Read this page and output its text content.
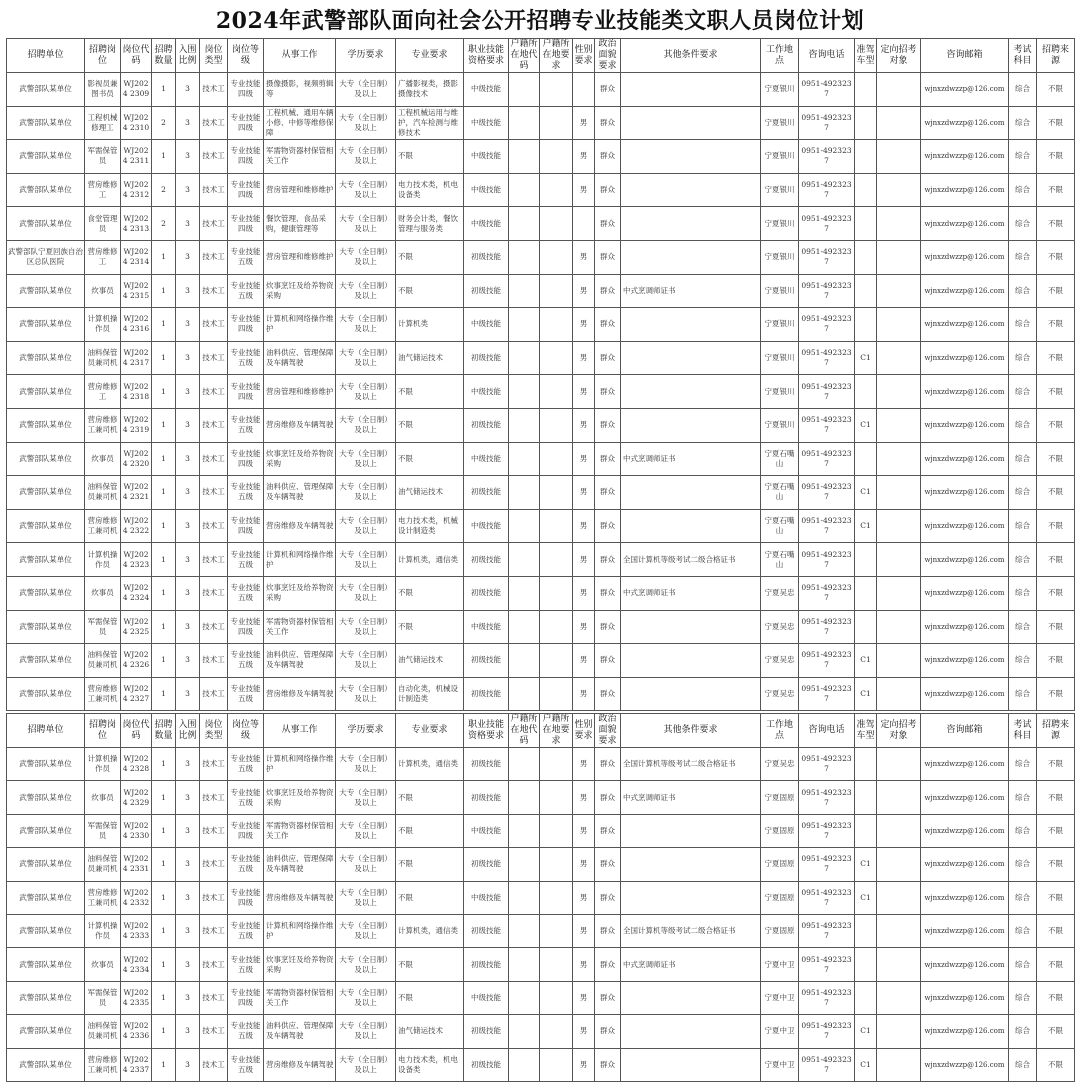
2024年武警部队面向社会公开招聘专业技能类文职人员岗位计划
招聘单位	招聘岗位	岗位代码	招聘数量	入围比例	岗位类型	岗位等级	从事工作	学历要求	专业要求	职业技能资格要求	户籍所在地代码	户籍所在地要求	性别要求	政治面貌要求	其他条件要求	工作地点	咨询电话	准驾车型	定向招考对象	咨询邮箱	考试科目	招聘来源
武警部队某单位	影视员兼图书员	WJ2024 2309	1	3	技术工	专业技能四级	摄像摄影，视频剪辑等	大专（全日制）及以上	广播影视类，摄影摄像技术	中级技能				群众		宁夏银川	0951-4923237			wjnxzdwzzp@126.com	综合	不限
武警部队某单位	工程机械修理工	WJ2024 2310	2	3	技术工	专业技能四级	工程机械、通用车辆小修、中修等维修保障	大专（全日制）及以上	工程机械运用与维护，汽车检测与维修技术	中级技能			男	群众		宁夏银川	0951-4923237			wjnxzdwzzp@126.com	综合	不限
武警部队某单位	军需保管员	WJ2024 2311	1	3	技术工	专业技能四级	军需物资器材保管相关工作	大专（全日制）及以上	不限	中级技能			男	群众		宁夏银川	0951-4923237			wjnxzdwzzp@126.com	综合	不限
武警部队某单位	营房维修工	WJ2024 2312	2	3	技术工	专业技能四级	营房管理和维修维护	大专（全日制）及以上	电力技术类，机电设备类	中级技能			男	群众		宁夏银川	0951-4923237			wjnxzdwzzp@126.com	综合	不限
武警部队某单位	食堂管理员	WJ2024 2313	2	3	技术工	专业技能四级	餐饮管理、食品采购，健康管理等	大专（全日制）及以上	财务会计类，餐饮管理与服务类	中级技能				群众		宁夏银川	0951-4923237			wjnxzdwzzp@126.com	综合	不限
武警部队宁夏回族自治区总队医院	营房维修工	WJ2024 2314	1	3	技术工	专业技能五级	营房管理和维修维护	大专（全日制）及以上	不限	初级技能			男	群众		宁夏银川	0951-4923237			wjnxzdwzzp@126.com	综合	不限
武警部队某单位	炊事员	WJ2024 2315	1	3	技术工	专业技能五级	炊事烹饪及给养物资采购	大专（全日制）及以上	不限	初级技能			男	群众	中式烹调师证书	宁夏银川	0951-4923237			wjnxzdwzzp@126.com	综合	不限
武警部队某单位	计算机操作员	WJ2024 2316	1	3	技术工	专业技能四级	计算机和网络操作维护	大专（全日制）及以上	计算机类	中级技能			男	群众		宁夏银川	0951-4923237			wjnxzdwzzp@126.com	综合	不限
武警部队某单位	油料保管员兼司机	WJ2024 2317	1	3	技术工	专业技能五级	油料供应、管理保障及车辆驾驶	大专（全日制）及以上	油气储运技术	初级技能			男	群众		宁夏银川	0951-4923237	C1		wjnxzdwzzp@126.com	综合	不限
武警部队某单位	营房维修工	WJ2024 2318	1	3	技术工	专业技能四级	营房管理和维修维护	大专（全日制）及以上	不限	中级技能			男	群众		宁夏银川	0951-4923237			wjnxzdwzzp@126.com	综合	不限
武警部队某单位	营房维修工兼司机	WJ2024 2319	1	3	技术工	专业技能五级	营房维修及车辆驾驶	大专（全日制）及以上	不限	初级技能			男	群众		宁夏银川	0951-4923237	C1		wjnxzdwzzp@126.com	综合	不限
武警部队某单位	炊事员	WJ2024 2320	1	3	技术工	专业技能四级	炊事烹饪及给养物资采购	大专（全日制）及以上	不限	中级技能			男	群众	中式烹调师证书	宁夏石嘴山	0951-4923237			wjnxzdwzzp@126.com	综合	不限
武警部队某单位	油料保管员兼司机	WJ2024 2321	1	3	技术工	专业技能五级	油料供应、管理保障及车辆驾驶	大专（全日制）及以上	油气储运技术	初级技能			男	群众		宁夏石嘴山	0951-4923237	C1		wjnxzdwzzp@126.com	综合	不限
武警部队某单位	营房维修工兼司机	WJ2024 2322	1	3	技术工	专业技能四级	营房维修及车辆驾驶	大专（全日制）及以上	电力技术类，机械设计制造类	中级技能			男	群众		宁夏石嘴山	0951-4923237	C1		wjnxzdwzzp@126.com	综合	不限
武警部队某单位	计算机操作员	WJ2024 2323	1	3	技术工	专业技能五级	计算机和网络操作维护	大专（全日制）及以上	计算机类，通信类	初级技能			男	群众	全国计算机等级考试二级合格证书	宁夏石嘴山	0951-4923237			wjnxzdwzzp@126.com	综合	不限
武警部队某单位	炊事员	WJ2024 2324	1	3	技术工	专业技能五级	炊事烹饪及给养物资采购	大专（全日制）及以上	不限	初级技能			男	群众	中式烹调师证书	宁夏吴忠	0951-4923237			wjnxzdwzzp@126.com	综合	不限
武警部队某单位	军需保管员	WJ2024 2325	1	3	技术工	专业技能四级	军需物资器材保管相关工作	大专（全日制）及以上	不限	中级技能			男	群众		宁夏吴忠	0951-4923237			wjnxzdwzzp@126.com	综合	不限
武警部队某单位	油料保管员兼司机	WJ2024 2326	1	3	技术工	专业技能五级	油料供应、管理保障及车辆驾驶	大专（全日制）及以上	油气储运技术	初级技能			男	群众		宁夏吴忠	0951-4923237	C1		wjnxzdwzzp@126.com	综合	不限
武警部队某单位	营房维修工兼司机	WJ2024 2327	1	3	技术工	专业技能五级	营房维修及车辆驾驶	大专（全日制）及以上	自动化类，机械设计制造类	初级技能			男	群众		宁夏吴忠	0951-4923237	C1		wjnxzdwzzp@126.com	综合	不限
招聘单位	招聘岗位	岗位代码	招聘数量	入围比例	岗位类型	岗位等级	从事工作	学历要求	专业要求	职业技能资格要求	户籍所在地代码	户籍所在地要求	性别要求	政治面貌要求	其他条件要求	工作地点	咨询电话	准驾车型	定向招考对象	咨询邮箱	考试科目	招聘来源
武警部队某单位	计算机操作员	WJ2024 2328	1	3	技术工	专业技能五级	计算机和网络操作维护	大专（全日制）及以上	计算机类，通信类	初级技能			男	群众	全国计算机等级考试二级合格证书	宁夏吴忠	0951-4923237			wjnxzdwzzp@126.com	综合	不限
武警部队某单位	炊事员	WJ2024 2329	1	3	技术工	专业技能五级	炊事烹饪及给养物资采购	大专（全日制）及以上	不限	初级技能			男	群众	中式烹调师证书	宁夏固原	0951-4923237			wjnxzdwzzp@126.com	综合	不限
武警部队某单位	军需保管员	WJ2024 2330	1	3	技术工	专业技能四级	军需物资器材保管相关工作	大专（全日制）及以上	不限	中级技能			男	群众		宁夏固原	0951-4923237			wjnxzdwzzp@126.com	综合	不限
武警部队某单位	油料保管员兼司机	WJ2024 2331	1	3	技术工	专业技能五级	油料供应、管理保障及车辆驾驶	大专（全日制）及以上	不限	初级技能			男	群众		宁夏固原	0951-4923237	C1		wjnxzdwzzp@126.com	综合	不限
武警部队某单位	营房维修工兼司机	WJ2024 2332	1	3	技术工	专业技能四级	营房维修及车辆驾驶	大专（全日制）及以上	不限	中级技能			男	群众		宁夏固原	0951-4923237	C1		wjnxzdwzzp@126.com	综合	不限
武警部队某单位	计算机操作员	WJ2024 2333	1	3	技术工	专业技能五级	计算机和网络操作维护	大专（全日制）及以上	计算机类，通信类	初级技能			男	群众	全国计算机等级考试二级合格证书	宁夏固原	0951-4923237			wjnxzdwzzp@126.com	综合	不限
武警部队某单位	炊事员	WJ2024 2334	1	3	技术工	专业技能五级	炊事烹饪及给养物资采购	大专（全日制）及以上	不限	初级技能			男	群众	中式烹调师证书	宁夏中卫	0951-4923237			wjnxzdwzzp@126.com	综合	不限
武警部队某单位	军需保管员	WJ2024 2335	1	3	技术工	专业技能四级	军需物资器材保管相关工作	大专（全日制）及以上	不限	中级技能			男	群众		宁夏中卫	0951-4923237			wjnxzdwzzp@126.com	综合	不限
武警部队某单位	油料保管员兼司机	WJ2024 2336	1	3	技术工	专业技能五级	油料供应、管理保障及车辆驾驶	大专（全日制）及以上	油气储运技术	初级技能			男	群众		宁夏中卫	0951-4923237	C1		wjnxzdwzzp@126.com	综合	不限
武警部队某单位	营房维修工兼司机	WJ2024 2337	1	3	技术工	专业技能五级	营房维修及车辆驾驶	大专（全日制）及以上	电力技术类，机电设备类	初级技能			男	群众		宁夏中卫	0951-4923237	C1		wjnxzdwzzp@126.com	综合	不限
